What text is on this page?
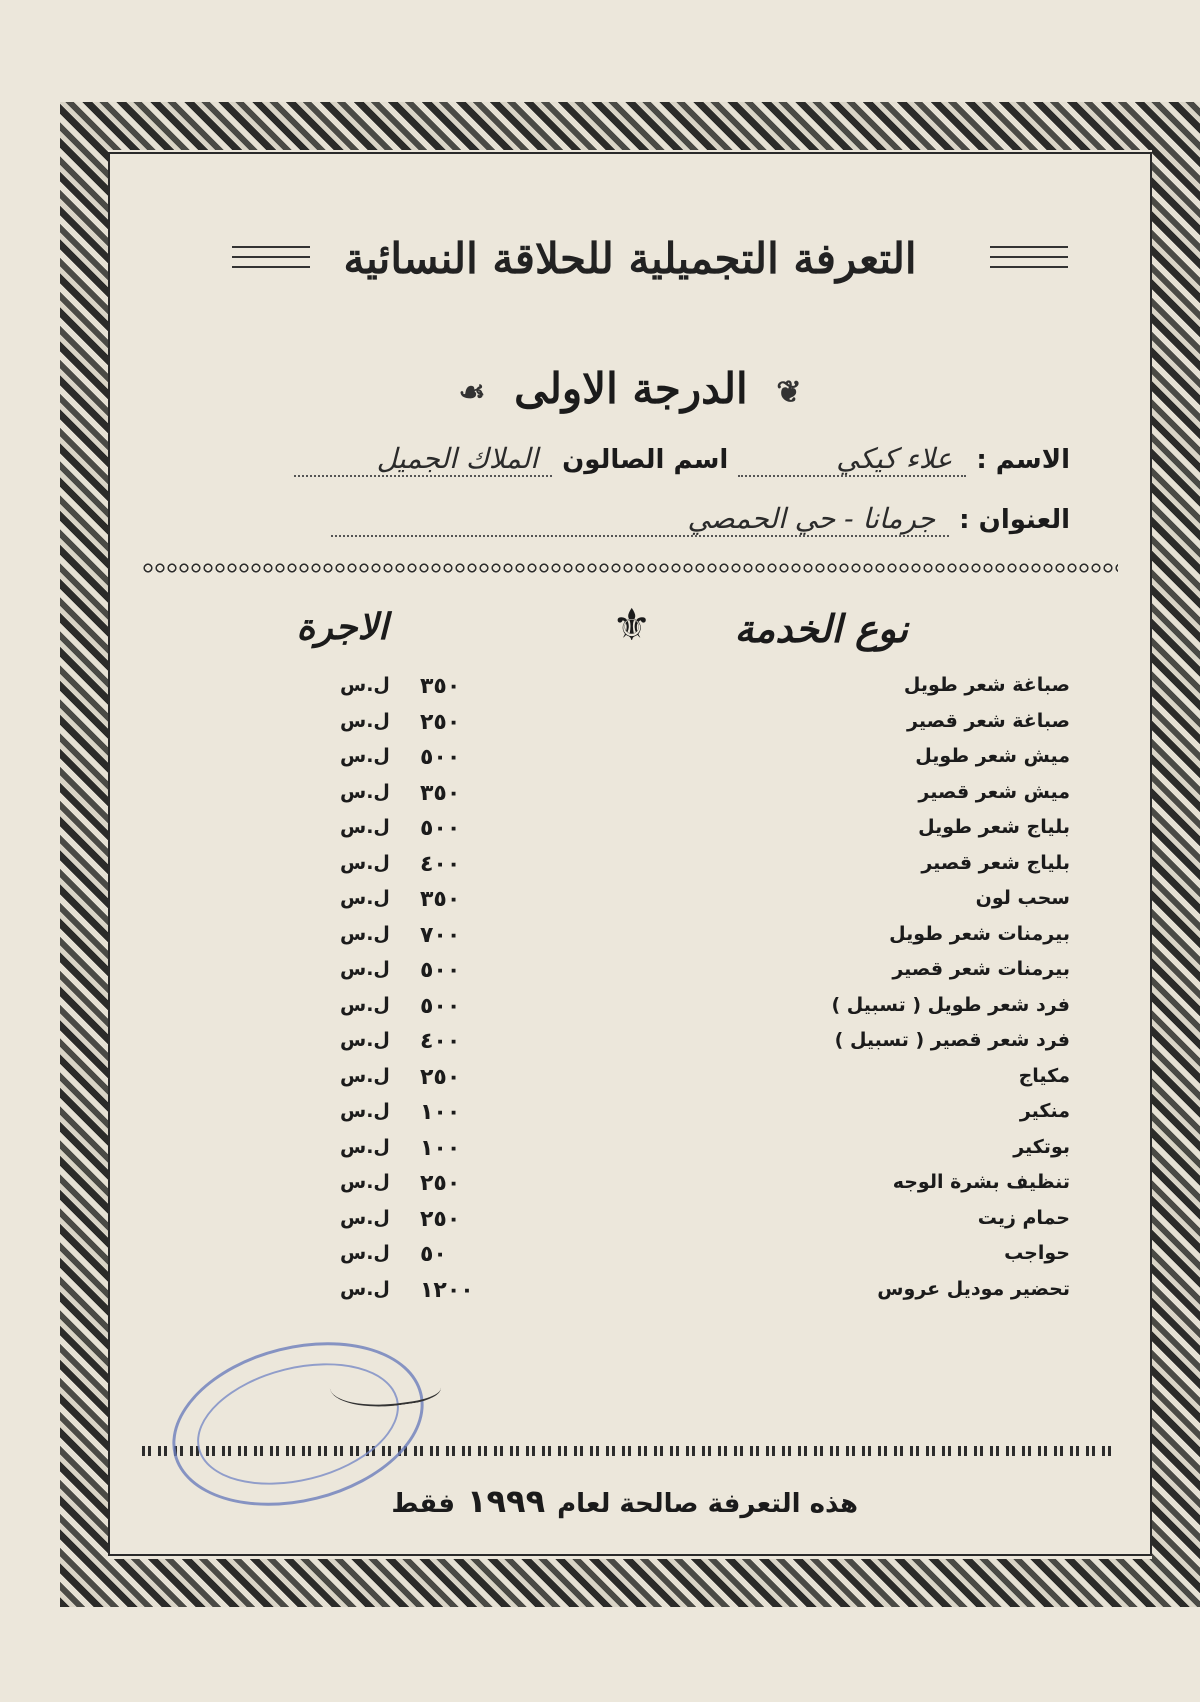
التعرفة التجميلية للحلاقة النسائية
❦ الدرجة الاولى ☙
الاسم :
علاء كيكي
اسم الصالون
الملاك الجميل
العنوان :
جرمانا - حي الحمصي
نوع الخدمة
⚜
الاجرة
صباغة شعر طويل
٣٥٠
ل.س
صباغة شعر قصير
٢٥٠
ل.س
ميش شعر طويل
٥٠٠
ل.س
ميش شعر قصير
٣٥٠
ل.س
بلياج شعر طويل
٥٠٠
ل.س
بلياج شعر قصير
٤٠٠
ل.س
سحب لون
٣٥٠
ل.س
بيرمنات شعر طويل
٧٠٠
ل.س
بيرمنات شعر قصير
٥٠٠
ل.س
فرد شعر طويل ( تسبيل )
٥٠٠
ل.س
فرد شعر قصير ( تسبيل )
٤٠٠
ل.س
مكياج
٢٥٠
ل.س
منكير
١٠٠
ل.س
بوتكير
١٠٠
ل.س
تنظيف بشرة الوجه
٢٥٠
ل.س
حمام زيت
٢٥٠
ل.س
حواجب
٥٠
ل.س
تحضير موديل عروس
١٢٠٠
ل.س
هذه التعرفة صالحة لعام
١٩٩٩
فقط
